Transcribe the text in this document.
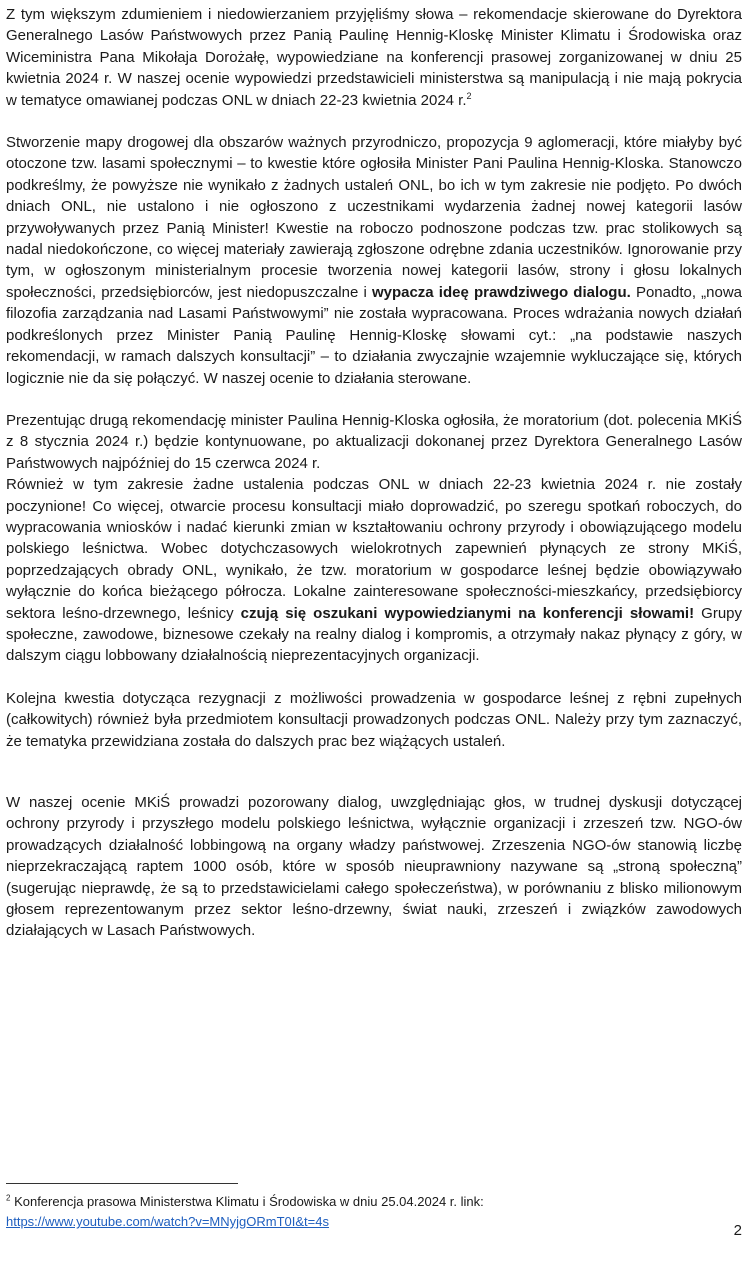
Z tym większym zdumieniem i niedowierzaniem przyjęliśmy słowa – rekomendacje skierowane do Dyrektora Generalnego Lasów Państwowych przez Panią Paulinę Hennig-Kloskę Minister Klimatu i Środowiska oraz Wiceministra Pana Mikołaja Dorożałę, wypowiedziane na konferencji prasowej zorganizowanej w dniu 25 kwietnia 2024 r. W naszej ocenie wypowiedzi przedstawicieli ministerstwa są manipulacją i nie mają pokrycia w tematyce omawianej podczas ONL w dniach 22-23 kwietnia 2024 r.$^2$

Stworzenie mapy drogowej dla obszarów ważnych przyrodniczo, propozycja 9 aglomeracji, które miałyby być otoczone tzw. lasami społecznymi – to kwestie które ogłosiła Minister Pani Paulina Hennig-Kloska. Stanowczo podkreślmy, że powyższe nie wynikało z żadnych ustaleń ONL, bo ich w tym zakresie nie podjęto. Po dwóch dniach ONL, nie ustalono i nie ogłoszono z uczestnikami wydarzenia żadnej nowej kategorii lasów przywoływanych przez Panią Minister! Kwestie na roboczo podnoszone podczas tzw. prac stolikowych są nadal niedokończone, co więcej materiały zawierają zgłoszone odrębne zdania uczestników. Ignorowanie przy tym, w ogłoszonym ministerialnym procesie tworzenia nowej kategorii lasów, strony i głosu lokalnych społeczności, przedsiębiorców, jest niedopuszczalne i wypacza ideę prawdziwego dialogu. Ponadto, „nowa filozofia zarządzania nad Lasami Państwowymi” nie została wypracowana. Proces wdrażania nowych działań podkreślonych przez Minister Panią Paulinę Hennig-Kloskę słowami cyt.: „na podstawie naszych rekomendacji, w ramach dalszych konsultacji” – to działania zwyczajnie wzajemnie wykluczające się, których logicznie nie da się połączyć. W naszej ocenie to działania sterowane.

Prezentując drugą rekomendację minister Paulina Hennig-Kloska ogłosiła, że moratorium (dot. polecenia MKiŚ z 8 stycznia 2024 r.) będzie kontynuowane, po aktualizacji dokonanej przez Dyrektora Generalnego Lasów Państwowych najpóźniej do 15 czerwca 2024 r.

Również w tym zakresie żadne ustalenia podczas ONL w dniach 22-23 kwietnia 2024 r. nie zostały poczynione! Co więcej, otwarcie procesu konsultacji miało doprowadzić, po szeregu spotkań roboczych, do wypracowania wniosków i nadać kierunki zmian w kształtowaniu ochrony przyrody i obowiązującego modelu polskiego leśnictwa. Wobec dotychczasowych wielokrotnych zapewnień płynących ze strony MKiŚ, poprzedzających obrady ONL, wynikało, że tzw. moratorium w gospodarce leśnej będzie obowiązywało wyłącznie do końca bieżącego półrocza. Lokalne zainteresowane społeczności-mieszkańcy, przedsiębiorcy sektora leśno-drzewnego, leśnicy czują się oszukani wypowiedzianymi na konferencji słowami! Grupy społeczne, zawodowe, biznesowe czekały na realny dialog i kompromis, a otrzymały nakaz płynący z góry, w dalszym ciągu lobbowany działalnością nieprezentacyjnych organizacji.

Kolejna kwestia dotycząca rezygnacji z możliwości prowadzenia w gospodarce leśnej z rębni zupełnych (całkowitych) również była przedmiotem konsultacji prowadzonych podczas ONL. Należy przy tym zaznaczyć, że tematyka przewidziana została do dalszych prac bez wiążących ustaleń.

W naszej ocenie MKiŚ prowadzi pozorowany dialog, uwzględniając głos, w trudnej dyskusji dotyczącej ochrony przyrody i przyszłego modelu polskiego leśnictwa, wyłącznie organizacji i zrzeszeń tzw. NGO-ów prowadzących działalność lobbingową na organy władzy państwowej. Zrzeszenia NGO-ów stanowią liczbę nieprzekraczającą raptem 1000 osób, które w sposób nieuprawniony nazywane są „stroną społeczną” (sugerując nieprawdę, że są to przedstawicielami całego społeczeństwa), w porównaniu z blisko milionowym głosem reprezentowanym przez sektor leśno-drzewny, świat nauki, zrzeszeń i związków zawodowych działających w Lasach Państwowych.

$^2$ Konferencja prasowa Ministerstwa Klimatu i Środowiska w dniu 25.04.2024 r. link:
https://www.youtube.com/watch?v=MNyjgORmT0I&t=4s
2
